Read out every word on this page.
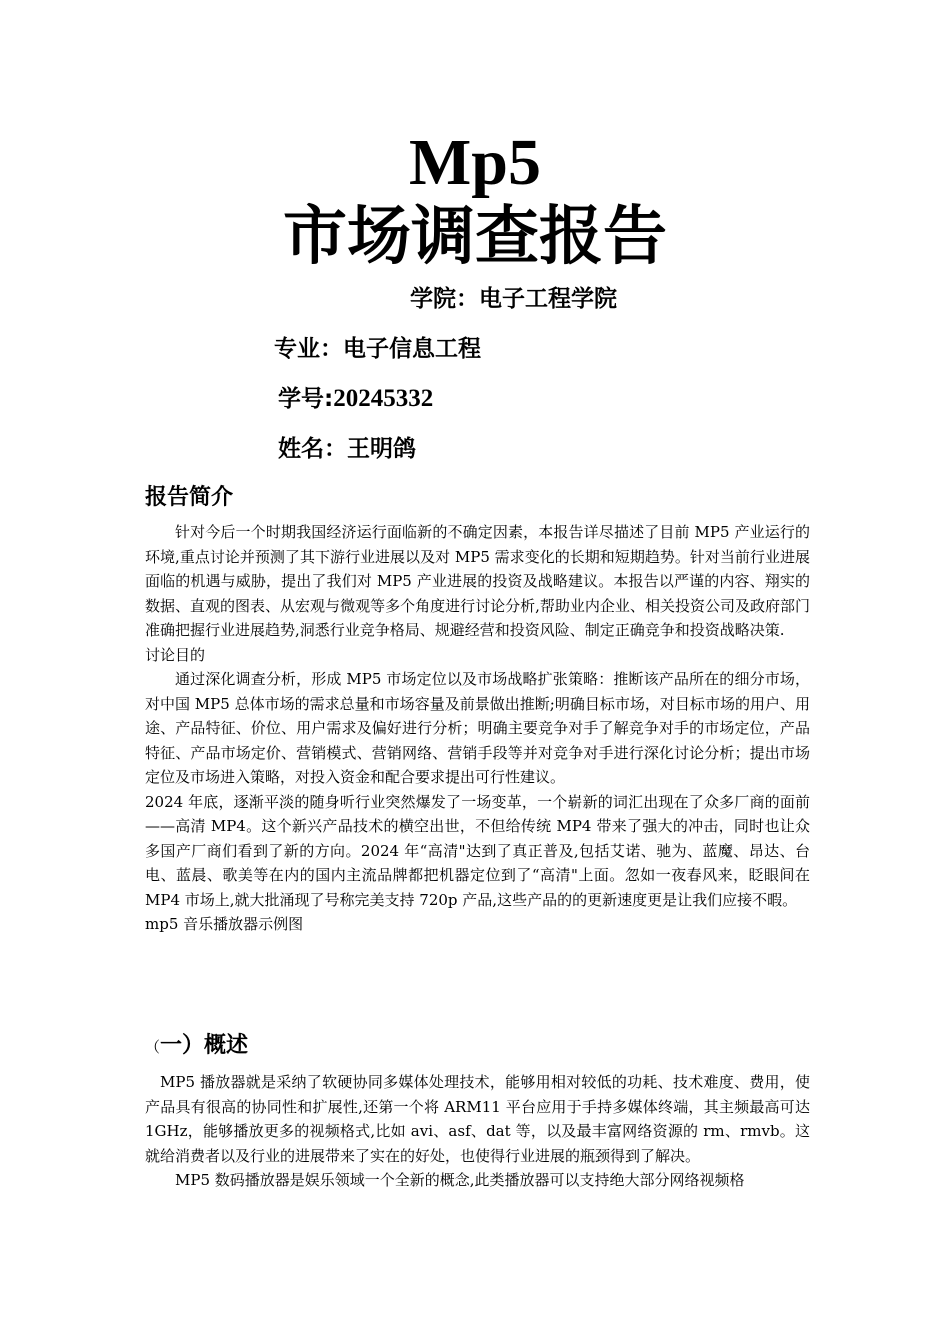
Mp5
市场调查报告
学院：电子工程学院
专业：电子信息工程
学号:20245332
姓名：王明鸽
报告简介

针对今后一个时期我国经济运行面临新的不确定因素，本报告详尽描述了目前 MP5 产业运行的环境,重点讨论并预测了其下游行业进展以及对 MP5 需求变化的长期和短期趋势。针对当前行业进展面临的机遇与威胁，提出了我们对 MP5 产业进展的投资及战略建议。本报告以严谨的内容、翔实的数据、直观的图表、从宏观与微观等多个角度进行讨论分析,帮助业内企业、相关投资公司及政府部门准确把握行业进展趋势,洞悉行业竞争格局、规避经营和投资风险、制定正确竞争和投资战略决策.

讨论目的

通过深化调查分析，形成 MP5 市场定位以及市场战略扩张策略：推断该产品所在的细分市场，对中国 MP5 总体市场的需求总量和市场容量及前景做出推断;明确目标市场，对目标市场的用户、用途、产品特征、价位、用户需求及偏好进行分析；明确主要竞争对手了解竞争对手的市场定位，产品特征、产品市场定价、营销模式、营销网络、营销手段等并对竞争对手进行深化讨论分析；提出市场定位及市场进入策略，对投入资金和配合要求提出可行性建议。

2024 年底，逐渐平淡的随身听行业突然爆发了一场变革，一个崭新的词汇出现在了众多厂商的面前——高清 MP4。这个新兴产品技术的横空出世，不但给传统 MP4 带来了强大的冲击，同时也让众多国产厂商们看到了新的方向。2024 年“高清"达到了真正普及,包括艾诺、驰为、蓝魔、昂达、台电、蓝晨、歌美等在内的国内主流品牌都把机器定位到了“高清"上面。忽如一夜春风来，眨眼间在 MP4 市场上,就大批涌现了号称完美支持 720p 产品,这些产品的的更新速度更是让我们应接不暇。

mp5 音乐播放器示例图

（一）概述

MP5 播放器就是采纳了软硬协同多媒体处理技术，能够用相对较低的功耗、技术难度、费用，使产品具有很高的协同性和扩展性,还第一个将 ARM11 平台应用于手持多媒体终端，其主频最高可达 1GHz，能够播放更多的视频格式,比如 avi、asf、dat 等，以及最丰富网络资源的 rm、rmvb。这就给消费者以及行业的进展带来了实在的好处，也使得行业进展的瓶颈得到了解决。

MP5 数码播放器是娱乐领域一个全新的概念,此类播放器可以支持绝大部分网络视频格
